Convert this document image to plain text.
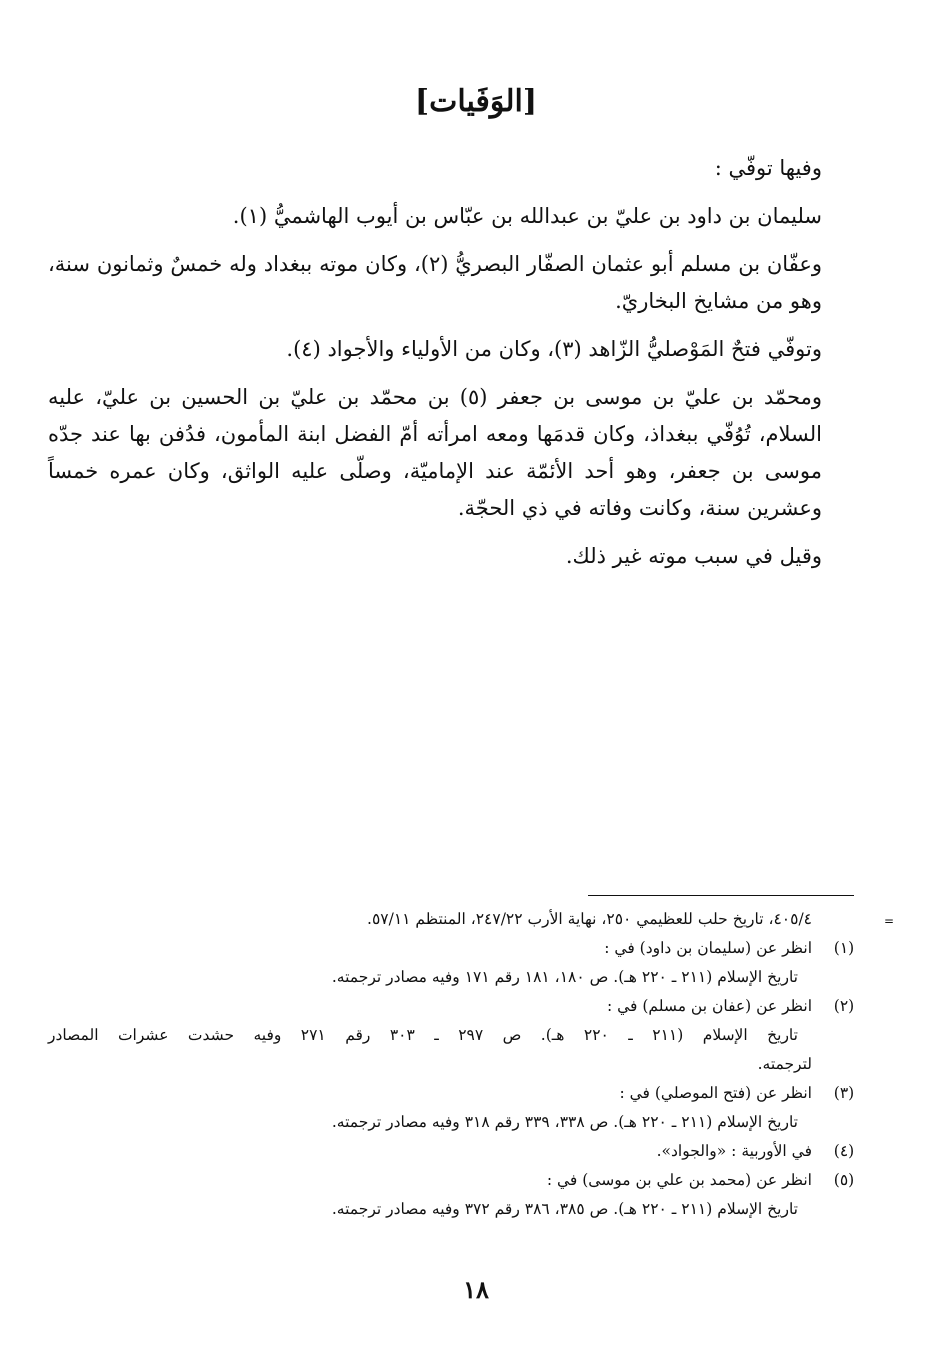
[الوَفَيات]

وفيها توفّي :

سليمان بن داود بن عليّ بن عبدالله بن عبّاس بن أيوب الهاشميُّ (١).

وعفّان بن مسلم أبو عثمان الصفّار البصريُّ (٢)، وكان موته ببغداد وله خمسٌ وثمانون سنة، وهو من مشايخ البخاريّ.

وتوفّي فتحٌ المَوْصليُّ الزّاهد (٣)، وكان من الأولياء والأجواد (٤).

ومحمّد بن عليّ بن موسى بن جعفر (٥) بن محمّد بن عليّ بن الحسين بن عليّ، عليه السلام، تُوُفّي ببغداذ، وكان قدمَها ومعه امرأته أمّ الفضل ابنة المأمون، فدُفن بها عند جدّه موسى بن جعفر، وهو أحد الأئمّة عند الإماميّة، وصلّى عليه الواثق، وكان عمره خمساً وعشرين سنة، وكانت وفاته في ذي الحجّة.

وقيل في سبب موته غير ذلك.

=
٤٠٥/٤، تاريخ حلب للعظيمي ٢٥٠، نهاية الأرب ٢٤٧/٢٢، المنتظم ٥٧/١١.
(١)
انظر عن (سليمان بن داود) في :
تاريخ الإسلام (٢١١ ـ ٢٢٠ هـ). ص ١٨٠، ١٨١ رقم ١٧١ وفيه مصادر ترجمته.
(٢)
انظر عن (عفان بن مسلم) في :
تاريخ الإسلام (٢١١ ـ ٢٢٠ هـ). ص ٢٩٧ ـ ٣٠٣ رقم ٢٧١ وفيه حشدت عشرات المصادر
لترجمته.
(٣)
انظر عن (فتح الموصلي) في :
تاريخ الإسلام (٢١١ ـ ٢٢٠ هـ). ص ٣٣٨، ٣٣٩ رقم ٣١٨ وفيه مصادر ترجمته.
(٤)
في الأوربية : «والجواد».
(٥)
انظر عن (محمد بن علي بن موسى) في :
تاريخ الإسلام (٢١١ ـ ٢٢٠ هـ). ص ٣٨٥، ٣٨٦ رقم ٣٧٢ وفيه مصادر ترجمته.
١٨
